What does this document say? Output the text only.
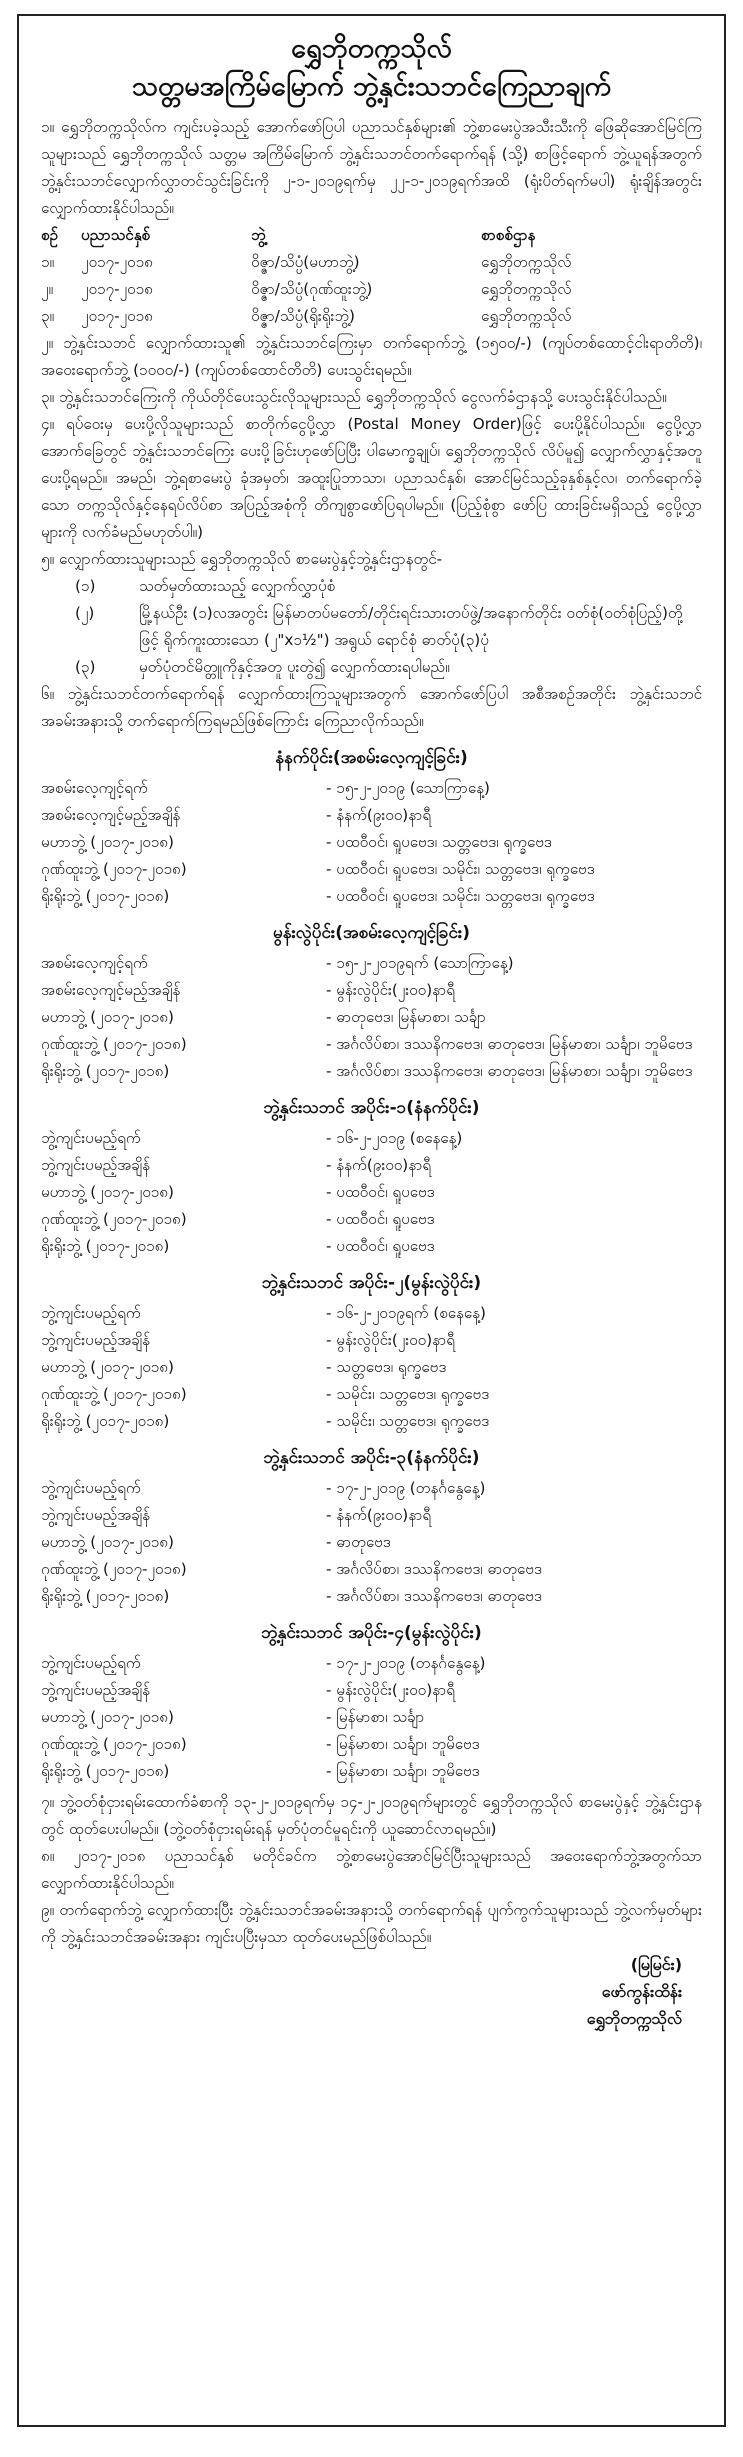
ရွှေဘိုတက္ကသိုလ်
သတ္တမအကြိမ်မြောက် ဘွဲ့နှင်းသဘင်ကြေညာချက်

၁။ ရွှေဘိုတက္ကသိုလ်က ကျင်းပခဲ့သည့် အောက်ဖော်ပြပါ ပညာသင်နှစ်များ၏ ဘွဲ့စာမေးပွဲအသီးသီးကို ဖြေဆိုအောင်မြင်ကြသူများသည် ရွှေဘိုတက္ကသိုလ် သတ္တမ အကြိမ်မြောက် ဘွဲ့နှင်းသဘင်တက်ရောက်ရန် (သို့) စာဖြင့်ရောက် ဘွဲ့ယူရန်အတွက် ဘွဲ့နှင်းသဘင်လျှောက်လွှာတင်သွင်းခြင်းကို ၂-၁-၂၀၁၉ရက်မှ ၂၂-၁-၂၀၁၉ရက်အထိ (ရုံးပိတ်ရက်မပါ) ရုံးချိန်အတွင်း လျှောက်ထားနိုင်ပါသည်။

စဉ်	ပညာသင်နှစ်	ဘွဲ့	စာစစ်ဌာန
၁။	၂၀၁၇-၂၀၁၈	ဝိဇ္ဇာ/သိပ္ပံ(မဟာဘွဲ့)	ရွှေဘိုတက္ကသိုလ်
၂။	၂၀၁၇-၂၀၁၈	ဝိဇ္ဇာ/သိပ္ပံ(ဂုဏ်ထူးဘွဲ့)	ရွှေဘိုတက္ကသိုလ်
၃။	၂၀၁၇-၂၀၁၈	ဝိဇ္ဇာ/သိပ္ပံ(ရိုးရိုးဘွဲ့)	ရွှေဘိုတက္ကသိုလ်

၂။ ဘွဲ့နှင်းသဘင် လျှောက်ထားသူ၏ ဘွဲ့နှင်းသဘင်ကြေးမှာ တက်ရောက်ဘွဲ့ (၁၅၀၀/-) (ကျပ်တစ်ထောင့်ငါးရာတိတိ)၊ အဝေးရောက်ဘွဲ့ (၁၀၀၀/-) (ကျပ်တစ်ထောင်တိတိ) ပေးသွင်းရမည်။

၃။ ဘွဲ့နှင်းသဘင်ကြေးကို ကိုယ်တိုင်ပေးသွင်းလိုသူများသည် ရွှေဘိုတက္ကသိုလ် ငွေလက်ခံဌာနသို့ ပေးသွင်းနိုင်ပါသည်။

၄။ ရပ်ဝေးမှ ပေးပို့လိုသူများသည် စာတိုက်ငွေပို့လွှာ (Postal Money Order)ဖြင့် ပေးပို့နိုင်ပါသည်။ ငွေပို့လွှာ အောက်ခြေတွင် ဘွဲ့နှင်းသဘင်ကြေး ပေးပို့ခြင်းဟုဖော်ပြပြီး ပါမောက္ခချုပ်၊ ရွှေဘိုတက္ကသိုလ် လိပ်မူ၍ လျှောက်လွှာနှင့်အတူ ပေးပို့ရမည်။ အမည်၊ ဘွဲ့ရစာမေးပွဲ ခုံအမှတ်၊ အထူးပြုဘာသာ၊ ပညာသင်နှစ်၊ အောင်မြင်သည့်ခုနှစ်နှင့်လ၊ တက်ရောက်ခဲ့သော တက္ကသိုလ်နှင့်နေရပ်လိပ်စာ အပြည့်အစုံကို တိကျစွာဖော်ပြရပါမည်။ (ပြည့်စုံစွာ ဖော်ပြ ထားခြင်းမရှိသည့် ငွေပို့လွှာများကို လက်ခံမည်မဟုတ်ပါ။)

၅။ လျှောက်ထားသူများသည် ရွှေဘိုတက္ကသိုလ် စာမေးပွဲနှင့်ဘွဲ့နှင်းဌာနတွင်-

(၁)	သတ်မှတ်ထားသည့် လျှောက်လွှာပုံစံ
(၂)	မြို့နယ်ဦး (၁)လအတွင်း မြန်မာတပ်မတော်/တိုင်းရင်းသားတပ်ဖွဲ့/အနောက်တိုင်း ဝတ်စုံ(ဝတ်စုံပြည့်)တို့ဖြင့် ရိုက်ကူးထားသော (၂"x၁½") အရွယ် ရောင်စုံ ဓာတ်ပုံ(၃)ပုံ
(၃)	မှတ်ပုံတင်မိတ္တူကိုနှင့်အတူ ပူးတွဲ၍ လျှောက်ထားရပါမည်။

၆။ ဘွဲ့နှင်းသဘင်တက်ရောက်ရန် လျှောက်ထားကြသူများအတွက် အောက်ဖော်ပြပါ အစီအစဉ်အတိုင်း ဘွဲ့နှင်းသဘင်အခမ်းအနားသို့ တက်ရောက်ကြရမည်ဖြစ်ကြောင်း ကြေညာလိုက်သည်။

နံနက်ပိုင်း(အစမ်းလေ့ကျင့်ခြင်း)
အစမ်းလေ့ကျင့်ရက်	- ၁၅-၂-၂၀၁၉ (သောကြာနေ့)
အစမ်းလေ့ကျင့်မည့်အချိန်	- နံနက်(၉း၀၀)နာရီ
မဟာဘွဲ့ (၂၀၁၇-၂၀၁၈)	- ပထဝီဝင်၊ ရူပဗေဒ၊ သတ္တဗေဒ၊ ရုက္ခဗေဒ
ဂုဏ်ထူးဘွဲ့ (၂၀၁၇-၂၀၁၈)	- ပထဝီဝင်၊ ရူပဗေဒ၊ သမိုင်း၊ သတ္တဗေဒ၊ ရုက္ခဗေဒ
ရိုးရိုးဘွဲ့ (၂၀၁၇-၂၀၁၈)	- ပထဝီဝင်၊ ရူပဗေဒ၊ သမိုင်း၊ သတ္တဗေဒ၊ ရုက္ခဗေဒ
မွန်းလွဲပိုင်း(အစမ်းလေ့ကျင့်ခြင်း)
အစမ်းလေ့ကျင့်ရက်	- ၁၅-၂-၂၀၁၉ရက် (သောကြာနေ့)
အစမ်းလေ့ကျင့်မည့်အချိန်	- မွန်းလွဲပိုင်း(၂း၀၀)နာရီ
မဟာဘွဲ့ (၂၀၁၇-၂၀၁၈)	- ဓာတုဗေဒ၊ မြန်မာစာ၊ သင်္ချာ
ဂုဏ်ထူးဘွဲ့ (၂၀၁၇-၂၀၁၈)	- အင်္ဂလိပ်စာ၊ ဒဿနိကဗေဒ၊ ဓာတုဗေဒ၊ မြန်မာစာ၊ သင်္ချာ၊ ဘူမိဗေဒ
ရိုးရိုးဘွဲ့ (၂၀၁၇-၂၀၁၈)	- အင်္ဂလိပ်စာ၊ ဒဿနိကဗေဒ၊ ဓာတုဗေဒ၊ မြန်မာစာ၊ သင်္ချာ၊ ဘူမိဗေဒ
ဘွဲ့နှင်းသဘင် အပိုင်း-၁(နံနက်ပိုင်း)
ဘွဲ့ကျင်းပမည့်ရက်	- ၁၆-၂-၂၀၁၉ (စနေနေ့)
ဘွဲ့ကျင်းပမည့်အချိန်	- နံနက်(၉း၀၀)နာရီ
မဟာဘွဲ့ (၂၀၁၇-၂၀၁၈)	- ပထဝီဝင်၊ ရူပဗေဒ
ဂုဏ်ထူးဘွဲ့ (၂၀၁၇-၂၀၁၈)	- ပထဝီဝင်၊ ရူပဗေဒ
ရိုးရိုးဘွဲ့ (၂၀၁၇-၂၀၁၈)	- ပထဝီဝင်၊ ရူပဗေဒ
ဘွဲ့နှင်းသဘင် အပိုင်း-၂(မွန်းလွဲပိုင်း)
ဘွဲ့ကျင်းပမည့်ရက်	- ၁၆-၂-၂၀၁၉ရက် (စနေနေ့)
ဘွဲ့ကျင်းပမည့်အချိန်	- မွန်းလွဲပိုင်း(၂း၀၀)နာရီ
မဟာဘွဲ့ (၂၀၁၇-၂၀၁၈)	- သတ္တဗေဒ၊ ရုက္ခဗေဒ
ဂုဏ်ထူးဘွဲ့ (၂၀၁၇-၂၀၁၈)	- သမိုင်း၊ သတ္တဗေဒ၊ ရုက္ခဗေဒ
ရိုးရိုးဘွဲ့ (၂၀၁၇-၂၀၁၈)	- သမိုင်း၊ သတ္တဗေဒ၊ ရုက္ခဗေဒ
ဘွဲ့နှင်းသဘင် အပိုင်း-၃(နံနက်ပိုင်း)
ဘွဲ့ကျင်းပမည့်ရက်	- ၁၇-၂-၂၀၁၉ (တနင်္ဂနွေနေ့)
ဘွဲ့ကျင်းပမည့်အချိန်	- နံနက်(၉း၀၀)နာရီ
မဟာဘွဲ့ (၂၀၁၇-၂၀၁၈)	- ဓာတုဗေဒ
ဂုဏ်ထူးဘွဲ့ (၂၀၁၇-၂၀၁၈)	- အင်္ဂလိပ်စာ၊ ဒဿနိကဗေဒ၊ ဓာတုဗေဒ
ရိုးရိုးဘွဲ့ (၂၀၁၇-၂၀၁၈)	- အင်္ဂလိပ်စာ၊ ဒဿနိကဗေဒ၊ ဓာတုဗေဒ
ဘွဲ့နှင်းသဘင် အပိုင်း-၄(မွန်းလွဲပိုင်း)
ဘွဲ့ကျင်းပမည့်ရက်	- ၁၇-၂-၂၀၁၉ (တနင်္ဂနွေနေ့)
ဘွဲ့ကျင်းပမည့်အချိန်	- မွန်းလွဲပိုင်း(၂း၀၀)နာရီ
မဟာဘွဲ့ (၂၀၁၇-၂၀၁၈)	- မြန်မာစာ၊ သင်္ချာ
ဂုဏ်ထူးဘွဲ့ (၂၀၁၇-၂၀၁၈)	- မြန်မာစာ၊ သင်္ချာ၊ ဘူမိဗေဒ
ရိုးရိုးဘွဲ့ (၂၀၁၇-၂၀၁၈)	- မြန်မာစာ၊ သင်္ချာ၊ ဘူမိဗေဒ

၇။ ဘွဲ့ဝတ်စုံငှားရမ်းထောက်ခံစာကို ၁၃-၂-၂၀၁၉ရက်မှ ၁၄-၂-၂၀၁၉ရက်များတွင် ရွှေဘိုတက္ကသိုလ် စာမေးပွဲနှင့် ဘွဲ့နှင်းဌာနတွင် ထုတ်ပေးပါမည်။ (ဘွဲ့ဝတ်စုံငှားရမ်းရန် မှတ်ပုံတင်မူရင်းကို ယူဆောင်လာရမည်။)

၈။ ၂၀၁၇-၂၀၁၈ ပညာသင်နှစ် မတိုင်ခင်က ဘွဲ့စာမေးပွဲအောင်မြင်ပြီးသူများသည် အဝေးရောက်ဘွဲ့အတွက်သာ လျှောက်ထားနိုင်ပါသည်။

၉။ တက်ရောက်ဘွဲ့ လျှောက်ထားပြီး ဘွဲ့နှင်းသဘင်အခမ်းအနားသို့ တက်ရောက်ရန် ပျက်ကွက်သူများသည် ဘွဲ့လက်မှတ်များကို ဘွဲ့နှင်းသဘင်အခမ်းအနား ကျင်းပပြီးမှသာ ထုတ်ပေးမည်ဖြစ်ပါသည်။

(မြမြင်း)
ဖော်ကွန်းထိန်း
ရွှေဘိုတက္ကသိုလ်
